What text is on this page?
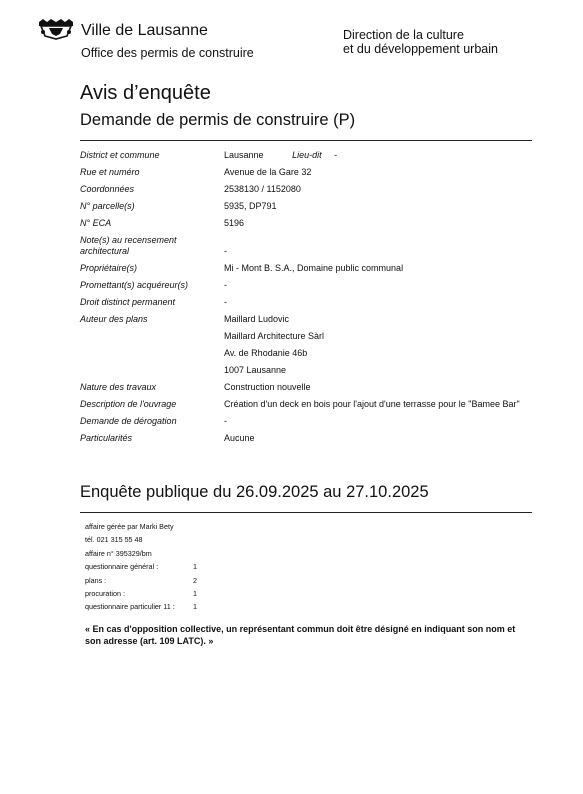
Ville de Lausanne
Office des permis de construire
Direction de la culture
et du développement urbain
Avis d’enquête
Demande de permis de construire (P)
District et commune	Lausanne	Lieu-dit -
Rue et numéro	Avenue de la Gare 32
Coordonnées	2538130 / 1152080
N° parcelle(s)	5935, DP791
N° ECA	5196
Note(s) au recensement architectural	-
Propriétaire(s)	Mi - Mont B. S.A., Domaine public communal
Promettant(s) acquéreur(s)	-
Droit distinct permanent	-
Auteur des plans	Maillard Ludovic
Maillard Architecture Sàrl
Av. de Rhodanie 46b
1007 Lausanne
Nature des travaux	Construction nouvelle
Description de l'ouvrage	Création d'un deck en bois pour l'ajout d'une terrasse pour le "Bamee Bar"
Demande de dérogation	-
Particularités	Aucune
Enquête publique du 26.09.2025 au 27.10.2025
affaire gérée par Marki Bety
tél. 021 315 55 48
affaire n° 395329/bm
questionnaire général :	1
plans :	2
procuration :	1
questionnaire particulier 11 :	1
« En cas d'opposition collective, un représentant commun doit être désigné en indiquant son nom et son adresse (art. 109 LATC). »
